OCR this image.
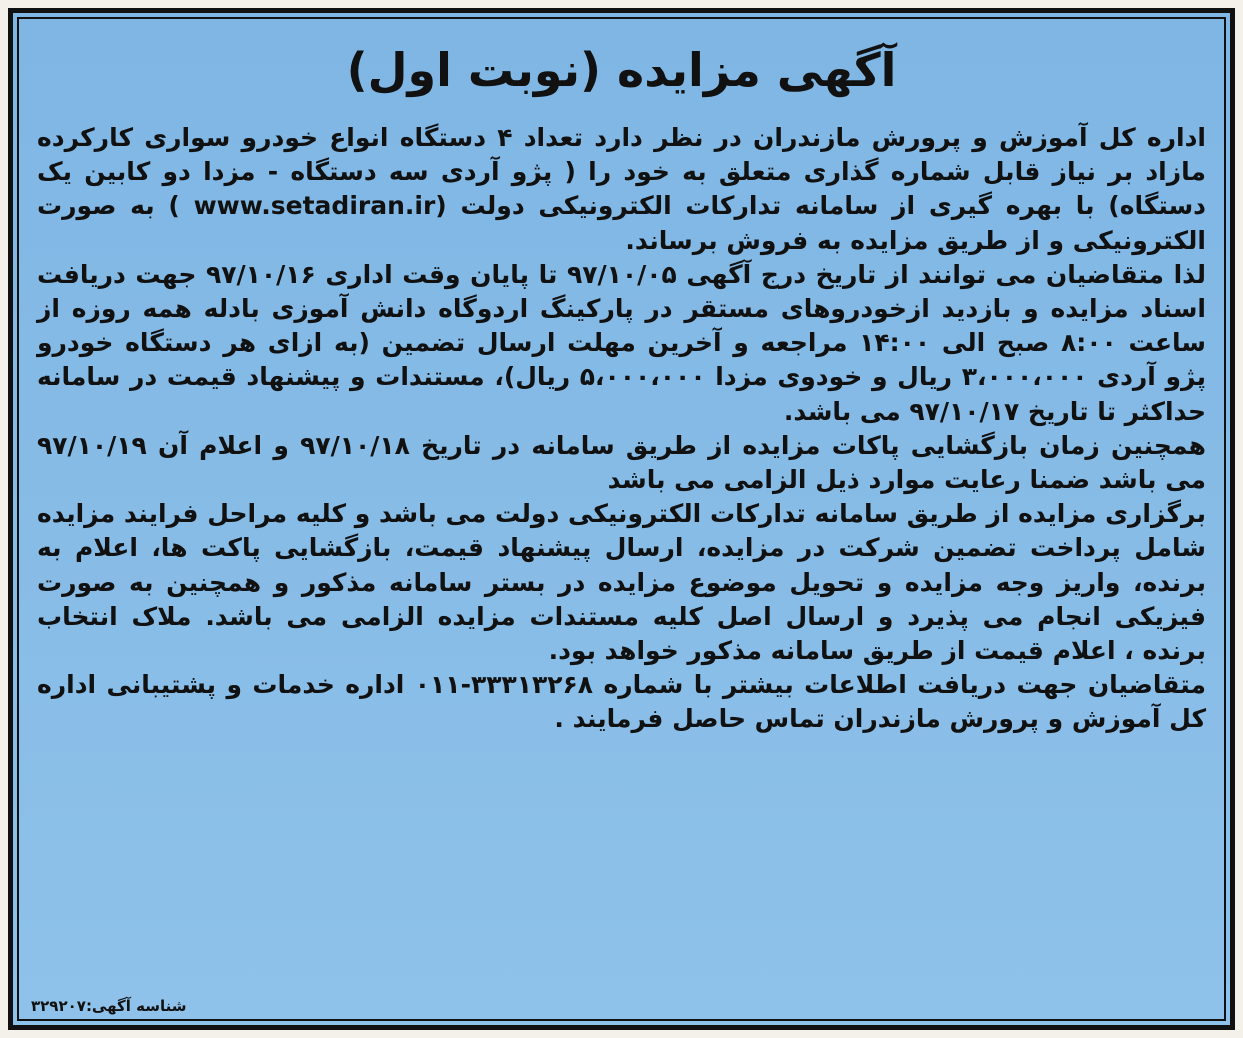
آگهی مزایده (نوبت اول)

اداره کل آموزش و پرورش مازندران در نظر دارد تعداد ۴ دستگاه انواع خودرو سواری کارکرده مازاد بر نیاز قابل شماره گذاری متعلق به خود را ( پژو آردی سه دستگاه - مزدا دو کابین یک دستگاه) با بهره گیری از سامانه تدارکات الکترونیکی دولت (www.setadiran.ir ) به صورت الکترونیکی و از طریق مزایده به فروش برساند.

لذا متقاضیان می توانند از تاریخ درج آگهی ۹۷/۱۰/۰۵ تا پایان وقت اداری ۹۷/۱۰/۱۶ جهت دریافت اسناد مزایده و بازدید ازخودروهای مستقر در پارکینگ اردوگاه دانش آموزی بادله همه روزه از ساعت ۸:۰۰ صبح الی ۱۴:۰۰ مراجعه و آخرین مهلت ارسال تضمین (به ازای هر دستگاه خودرو پژو آردی ۳،۰۰۰،۰۰۰ ریال و خودوی مزدا ۵،۰۰۰،۰۰۰ ریال)، مستندات و پیشنهاد قیمت در سامانه حداکثر تا تاریخ ۹۷/۱۰/۱۷ می باشد.

همچنین زمان بازگشایی پاکات مزایده از طریق سامانه در تاریخ ۹۷/۱۰/۱۸ و اعلام آن ۹۷/۱۰/۱۹ می باشد ضمنا رعایت موارد ذیل الزامی می باشد

برگزاری مزایده از طریق سامانه تدارکات الکترونیکی دولت می باشد و کلیه مراحل فرایند مزایده شامل پرداخت تضمین شرکت در مزایده، ارسال پیشنهاد قیمت، بازگشایی پاکت ها، اعلام به برنده، واریز وجه مزایده و تحویل موضوع مزایده در بستر سامانه مذکور و همچنین به صورت فیزیکی انجام می پذیرد و ارسال اصل کلیه مستندات مزایده الزامی می باشد. ملاک انتخاب برنده ، اعلام قیمت از طریق سامانه مذکور خواهد بود.

متقاضیان جهت دریافت اطلاعات بیشتر با شماره ۳۳۳۱۳۲۶۸-۰۱۱ اداره خدمات و پشتیبانی اداره کل آموزش و پرورش مازندران تماس حاصل فرمایند .

شناسه آگهی:۳۲۹۲۰۷
